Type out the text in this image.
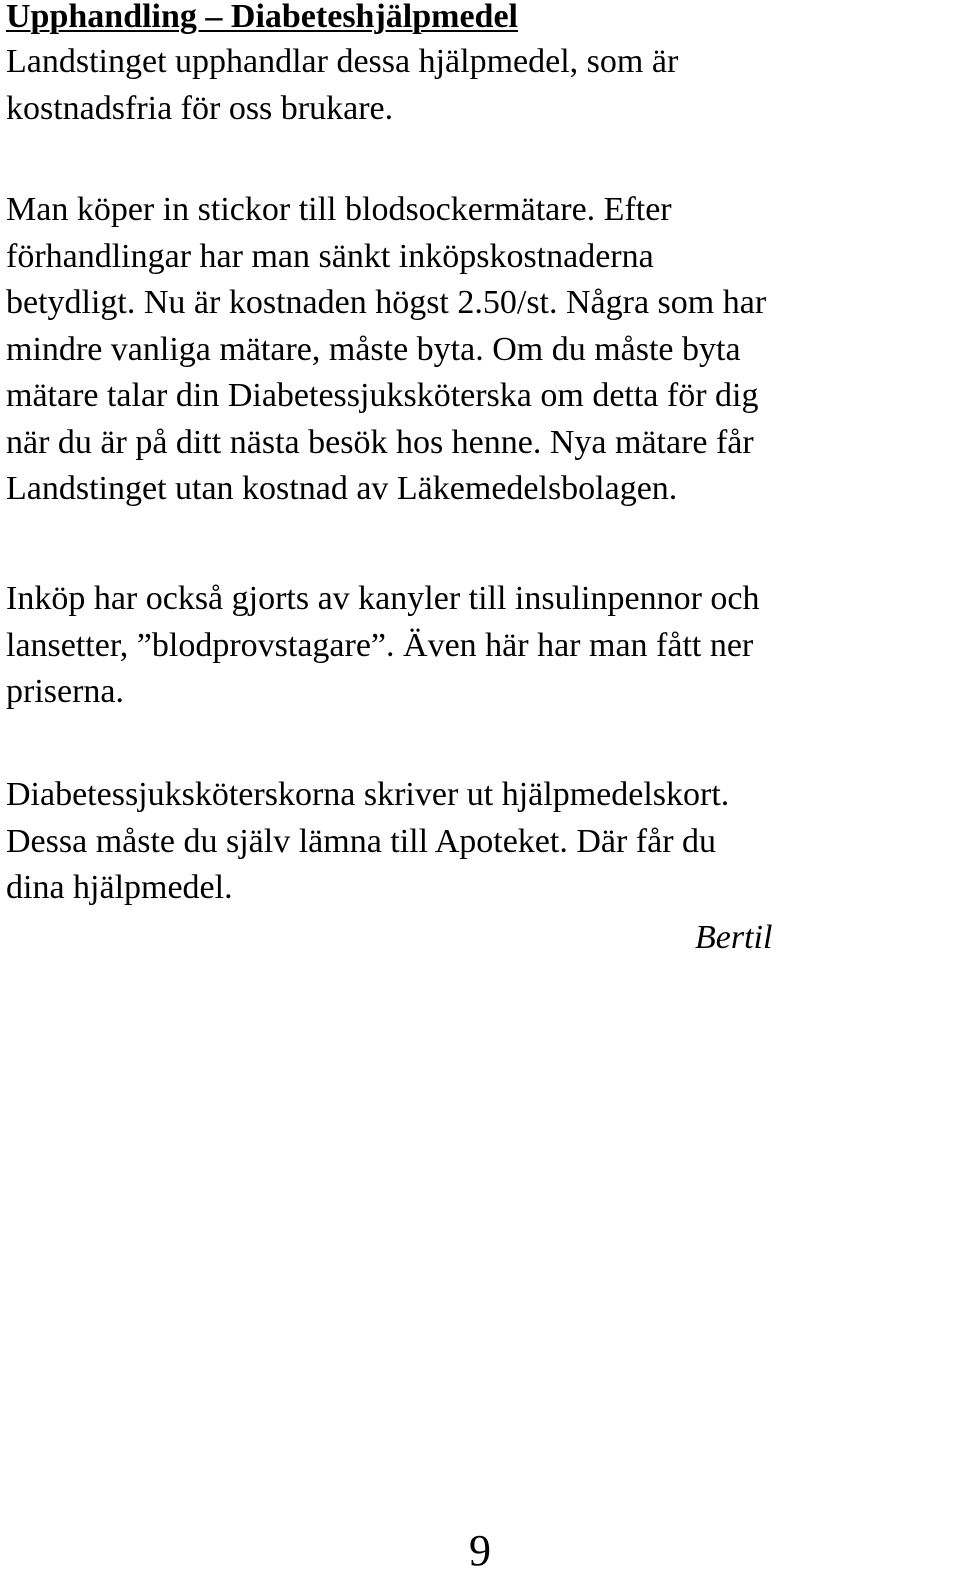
Upphandling – Diabeteshjälpmedel
Landstinget upphandlar dessa hjälpmedel, som är
kostnadsfria för oss brukare.
Man köper in stickor till blodsockermätare. Efter
förhandlingar har man sänkt inköpskostnaderna
betydligt. Nu är kostnaden högst 2.50/st. Några som har
mindre vanliga mätare, måste byta. Om du måste byta
mätare talar din Diabetessjuksköterska om detta för dig
när du är på ditt nästa besök hos henne. Nya mätare får
Landstinget utan kostnad av Läkemedelsbolagen.
Inköp har också gjorts av kanyler till insulinpennor och
lansetter, ”blodprovstagare”. Även här har man fått ner
priserna.
Diabetessjuksköterskorna skriver ut hjälpmedelskort.
Dessa måste du själv lämna till Apoteket. Där får du
dina hjälpmedel.
Bertil
9
